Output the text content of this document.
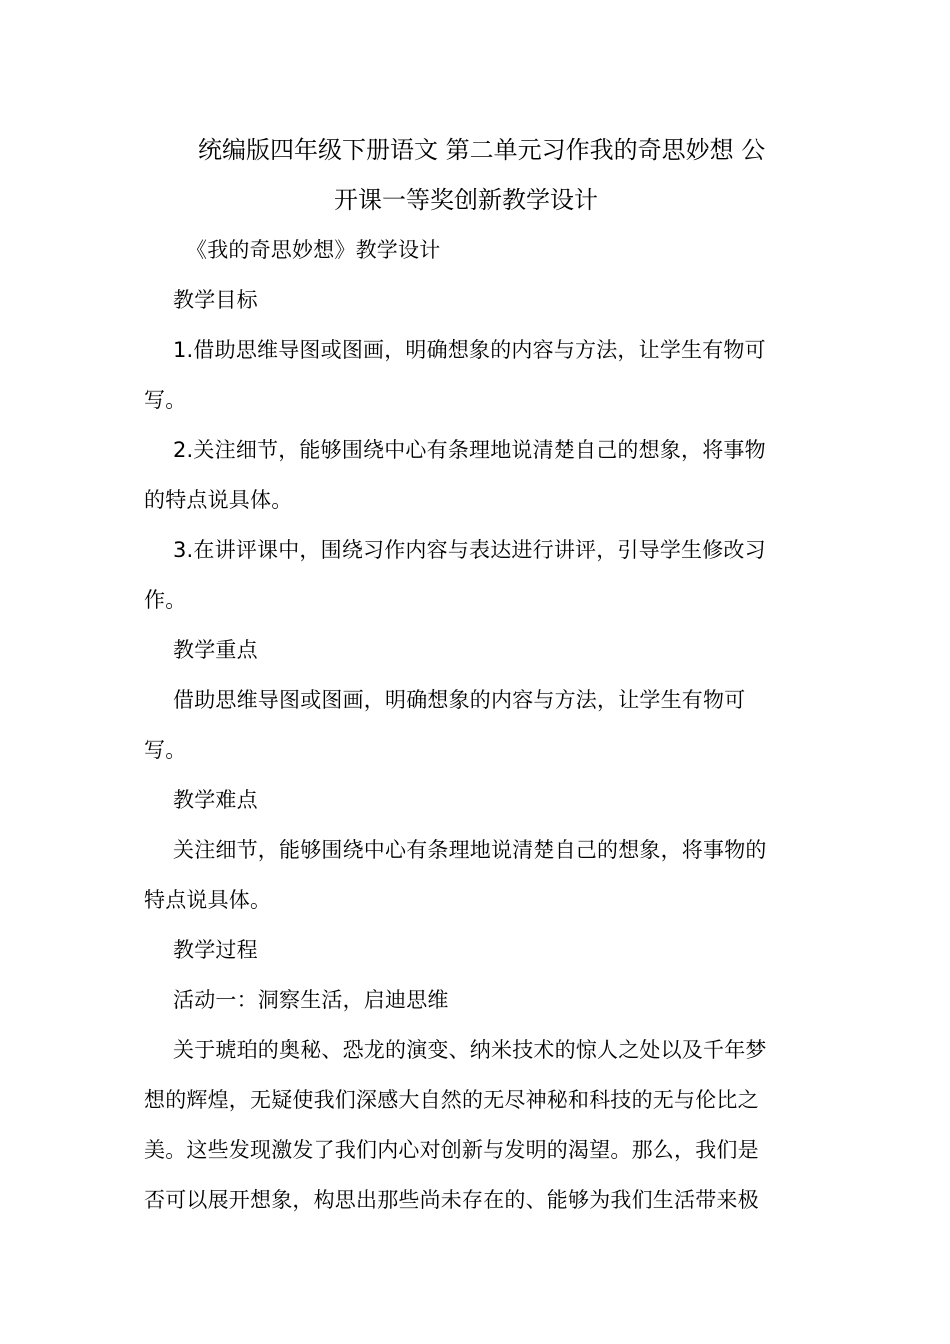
统编版四年级下册语文 第二单元习作我的奇思妙想 公
开课一等奖创新教学设计
《我的奇思妙想》教学设计
教学目标
1.借助思维导图或图画，明确想象的内容与方法，让学生有物可
写。
2.关注细节，能够围绕中心有条理地说清楚自己的想象，将事物
的特点说具体。
3.在讲评课中，围绕习作内容与表达进行讲评，引导学生修改习
作。
教学重点
借助思维导图或图画，明确想象的内容与方法，让学生有物可
写。
教学难点
关注细节，能够围绕中心有条理地说清楚自己的想象，将事物的
特点说具体。
教学过程
活动一：洞察生活，启迪思维
关于琥珀的奥秘、恐龙的演变、纳米技术的惊人之处以及千年梦
想的辉煌，无疑使我们深感大自然的无尽神秘和科技的无与伦比之
美。这些发现激发了我们内心对创新与发明的渴望。那么，我们是
否可以展开想象，构思出那些尚未存在的、能够为我们生活带来极
